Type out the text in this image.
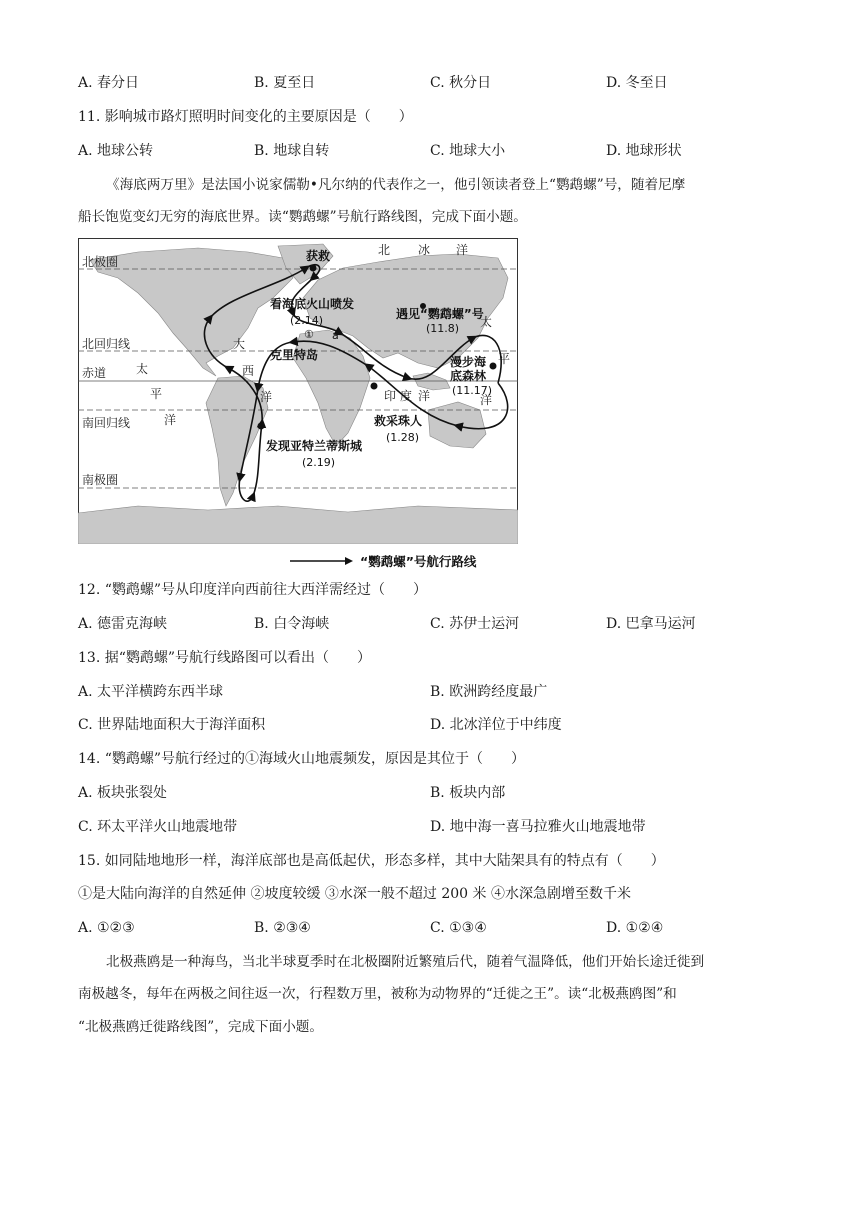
A. 春分日	B. 夏至日	C. 秋分日	D. 冬至日
11. 影响城市路灯照明时间变化的主要原因是（　　）
A. 地球公转	B. 地球自转	C. 地球大小	D. 地球形状
《海底两万里》是法国小说家儒勒•凡尔纳的代表作之一，他引领读者登上“鹦鹉螺”号，随着尼摩
船长饱览变幻无穷的海底世界。读“鹦鹉螺”号航行路线图，完成下面小题。
北极圈
北回归线
赤道
南回归线
南极圈
北 冰 洋
大
西
洋
太
平
洋
太
平
洋
印 度 洋
获救
看海底火山喷发
(2.14)
① a
克里特岛
遇见“鹦鹉螺”号
(11.8)
漫步海
底森林
(11.17)
救采珠人
(1.28)
发现亚特兰蒂斯城
(2.19)
“鹦鹉螺”号航行路线
12. “鹦鹉螺”号从印度洋向西前往大西洋需经过（　　）
A. 德雷克海峡	B. 白令海峡	C. 苏伊士运河	D. 巴拿马运河
13. 据“鹦鹉螺”号航行线路图可以看出（　　）
A. 太平洋横跨东西半球	B. 欧洲跨经度最广
C. 世界陆地面积大于海洋面积	D. 北冰洋位于中纬度
14. “鹦鹉螺”号航行经过的①海域火山地震频发，原因是其位于（　　）
A. 板块张裂处	B. 板块内部
C. 环太平洋火山地震地带	D. 地中海一喜马拉雅火山地震地带
15. 如同陆地地形一样，海洋底部也是高低起伏，形态多样，其中大陆架具有的特点有（　　）
①是大陆向海洋的自然延伸 ②坡度较缓 ③水深一般不超过 200 米 ④水深急剧增至数千米
A. ①②③	B. ②③④	C. ①③④	D. ①②④
北极燕鸥是一种海鸟，当北半球夏季时在北极圈附近繁殖后代，随着气温降低，他们开始长途迁徙到
南极越冬，每年在两极之间往返一次，行程数万里，被称为动物界的“迁徙之王”。读“北极燕鸥图”和
“北极燕鸥迁徙路线图”，完成下面小题。
